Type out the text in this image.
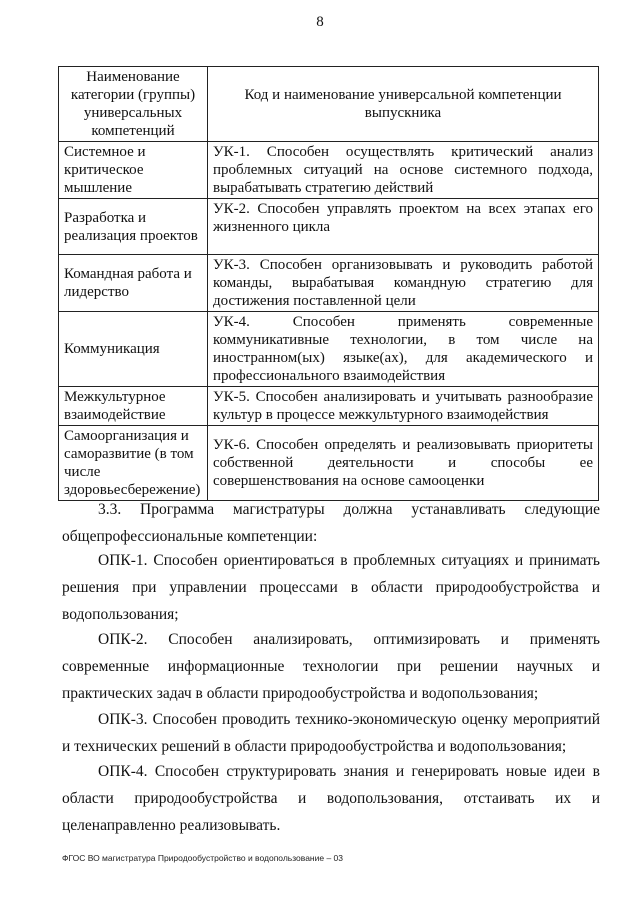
8
Наименование категории (группы) универсальных компетенций	Код и наименование универсальной компетенции выпускника
Системное и критическое мышление	УК-1. Способен осуществлять критический анализ проблемных ситуаций на основе системного подхода, вырабатывать стратегию действий
Разработка и реализация проектов	УК-2. Способен управлять проектом на всех этапах его жизненного цикла
Командная работа и лидерство	УК-3. Способен организовывать и руководить работой команды, вырабатывая командную стратегию для достижения поставленной цели
Коммуникация	УК-4. Способен применять современные коммуникативные технологии, в том числе на иностранном(ых) языке(ах), для академического и профессионального взаимодействия
Межкультурное взаимодействие	УК-5. Способен анализировать и учитывать разнообразие культур в процессе межкультурного взаимодействия
Самоорганизация и саморазвитие (в том числе здоровьесбережение)	УК-6. Способен определять и реализовывать приоритеты собственной деятельности и способы ее совершенствования на основе самооценки
3.3. Программа магистратуры должна устанавливать следующие общепрофессиональные компетенции:
ОПК-1. Способен ориентироваться в проблемных ситуациях и принимать решения при управлении процессами в области природообустройства и водопользования;
ОПК-2. Способен анализировать, оптимизировать и применять современные информационные технологии при решении научных и практических задач в области природообустройства и водопользования;
ОПК-3. Способен проводить технико-экономическую оценку мероприятий и технических решений в области природообустройства и водопользования;
ОПК-4. Способен структурировать знания и генерировать новые идеи в области природообустройства и водопользования, отстаивать их и целенаправленно реализовывать.
ФГОС ВО магистратура Природообустройство и водопользование – 03
